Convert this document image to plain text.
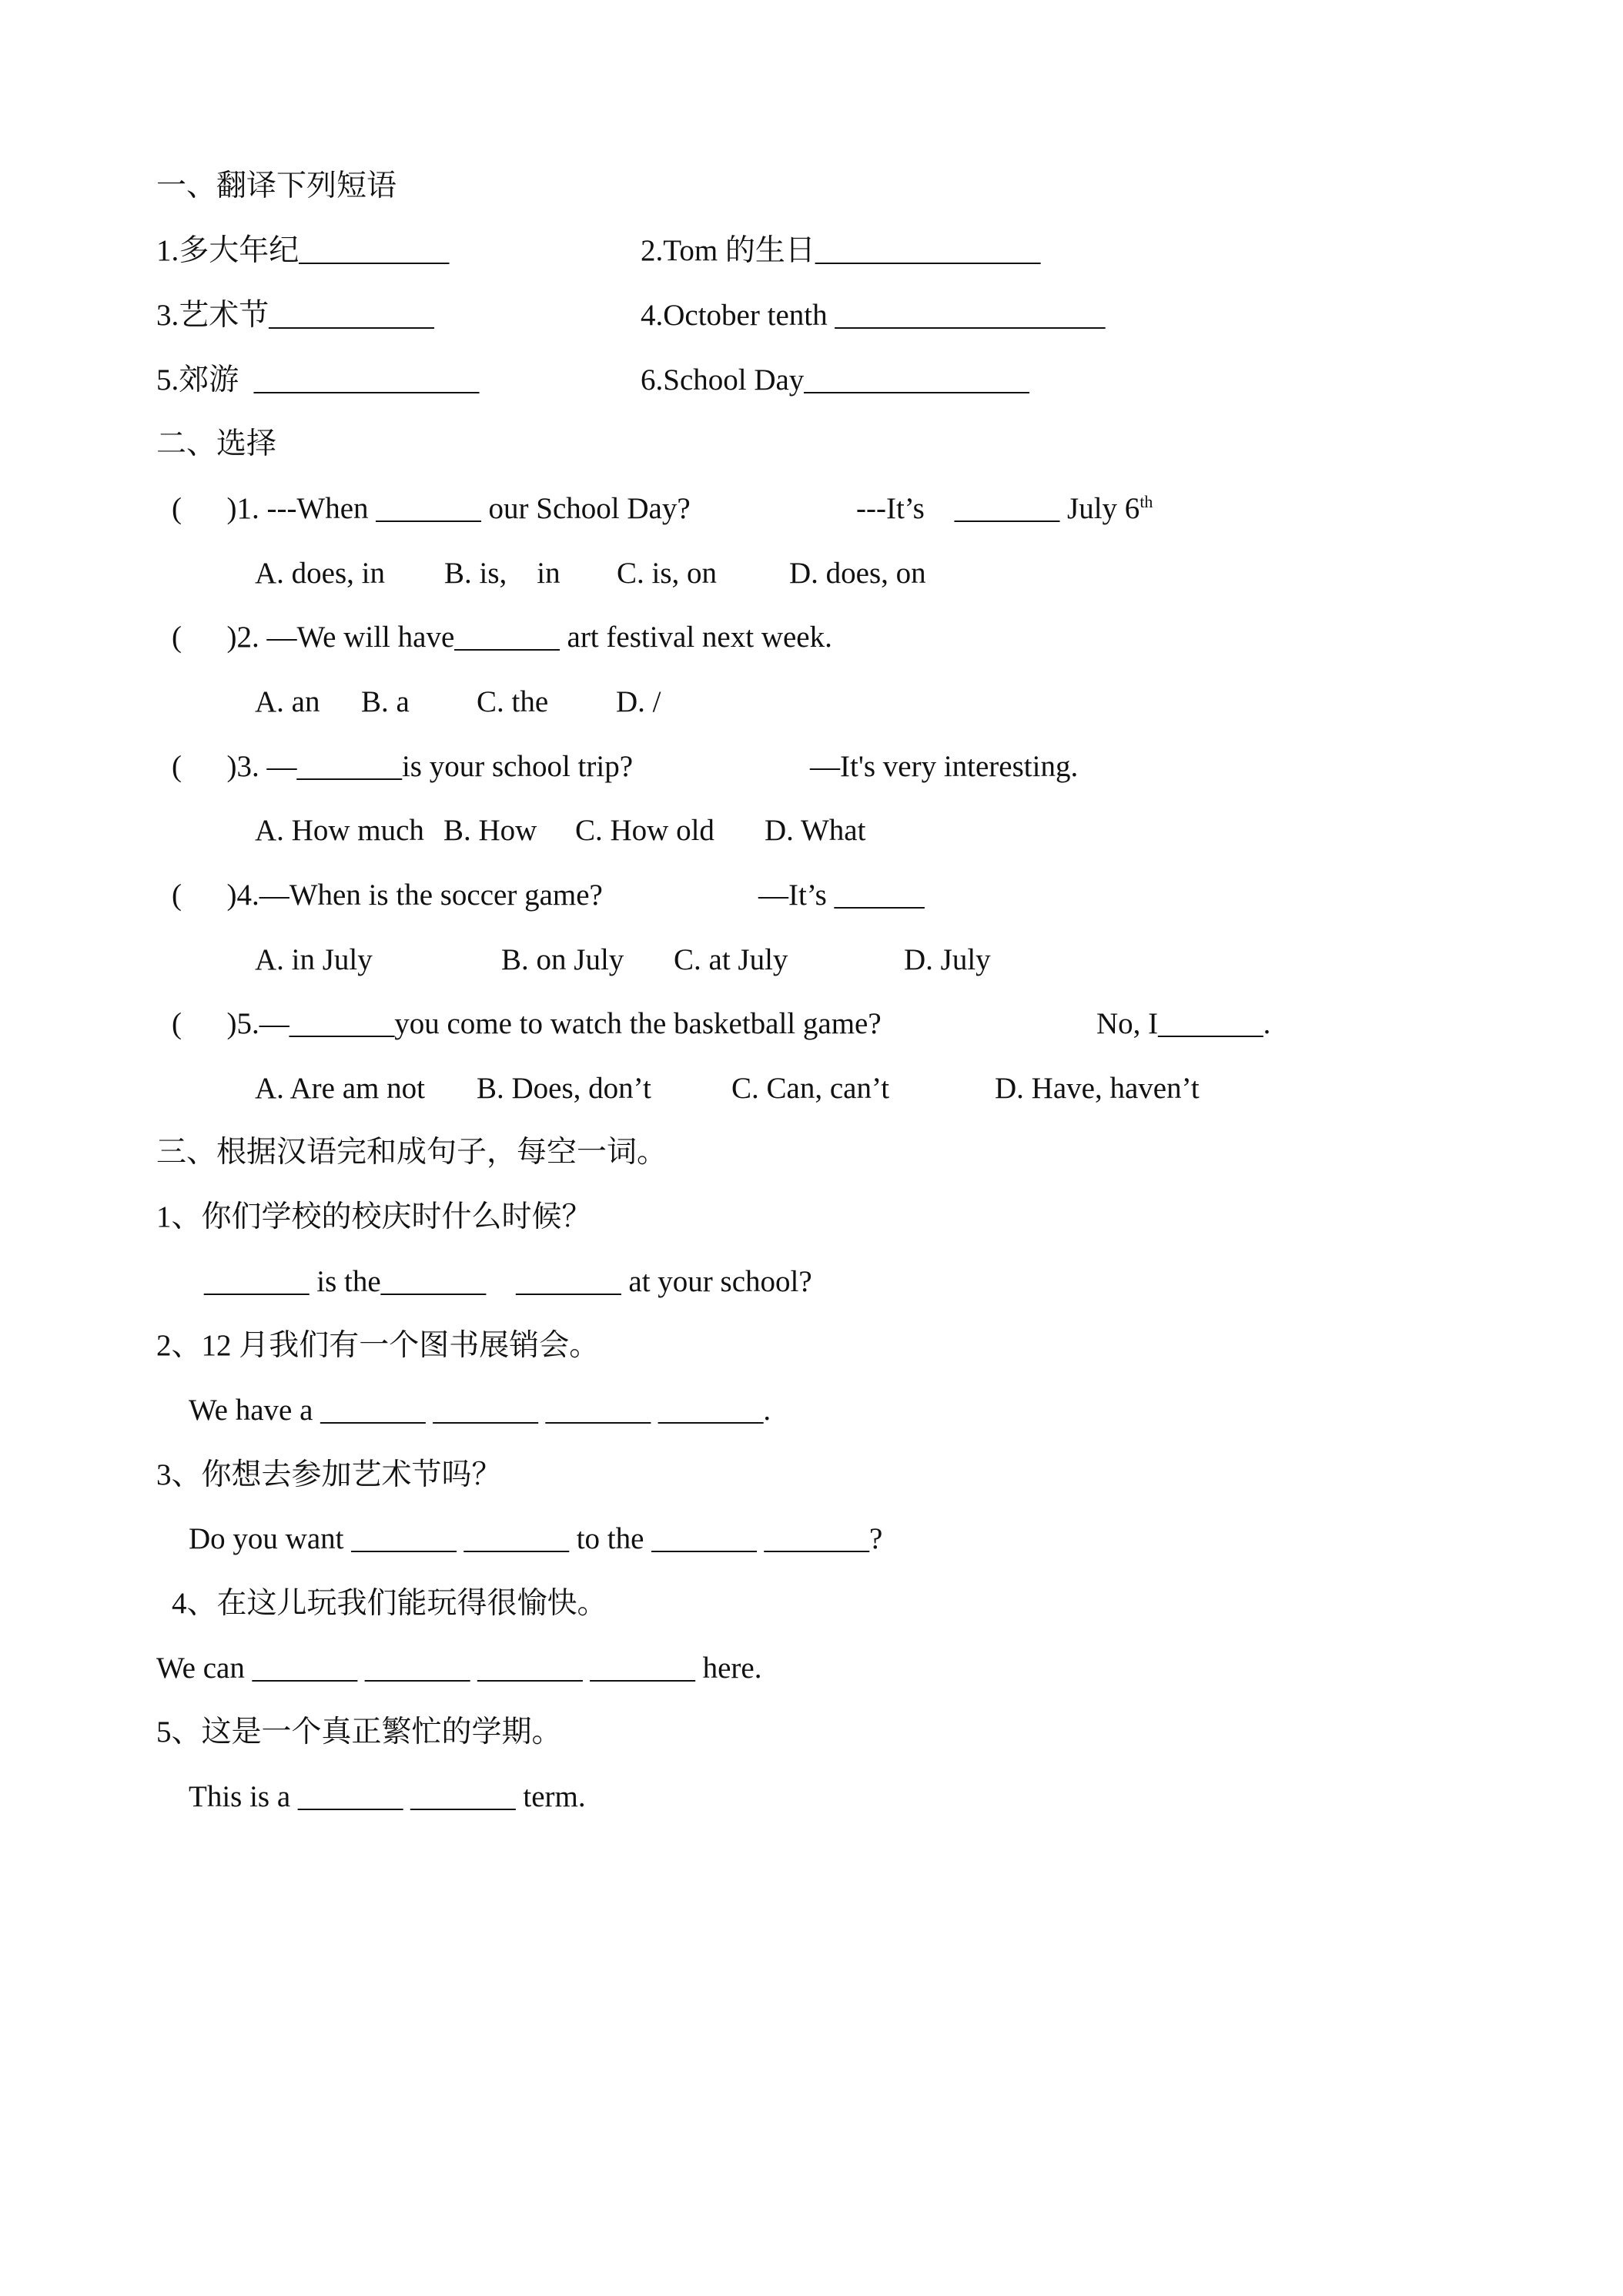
一、翻译下列短语
1.多大年纪__________	2.Tom 的生日_______________
3.艺术节___________	4.October tenth __________________
5.郊游  _______________	6.School Day_______________
二、选择
(      )1. ---When _______ our School Day?	---It’s    _______ July 6th
A. does, in B. is,    in C. is, on D. does, on
(      )2. —We will have_______ art festival next week.
A. an B. a C. the D. /
(      )3. —_______is your school trip?	—It's very interesting.
A. How much B. How C. How old D. What
(      )4.—When is the soccer game?	—It’s ______
A. in July	B. on July C. at July	D. July
(      )5.—_______you come to watch the basketball game?	No, I_______.
A. Are am not B. Does, don’t	C. Can, can’t	D. Have, haven’t
三、根据汉语完和成句子，每空一词。
1、你们学校的校庆时什么时候？
_______ is the_______    _______ at your school?
2、12 月我们有一个图书展销会。
We have a _______ _______ _______ _______.
3、你想去参加艺术节吗？
Do you want _______ _______ to the _______ _______?
4、在这儿玩我们能玩得很愉快。
We can _______ _______ _______ _______ here.
5、这是一个真正繁忙的学期。
This is a _______ _______ term.
